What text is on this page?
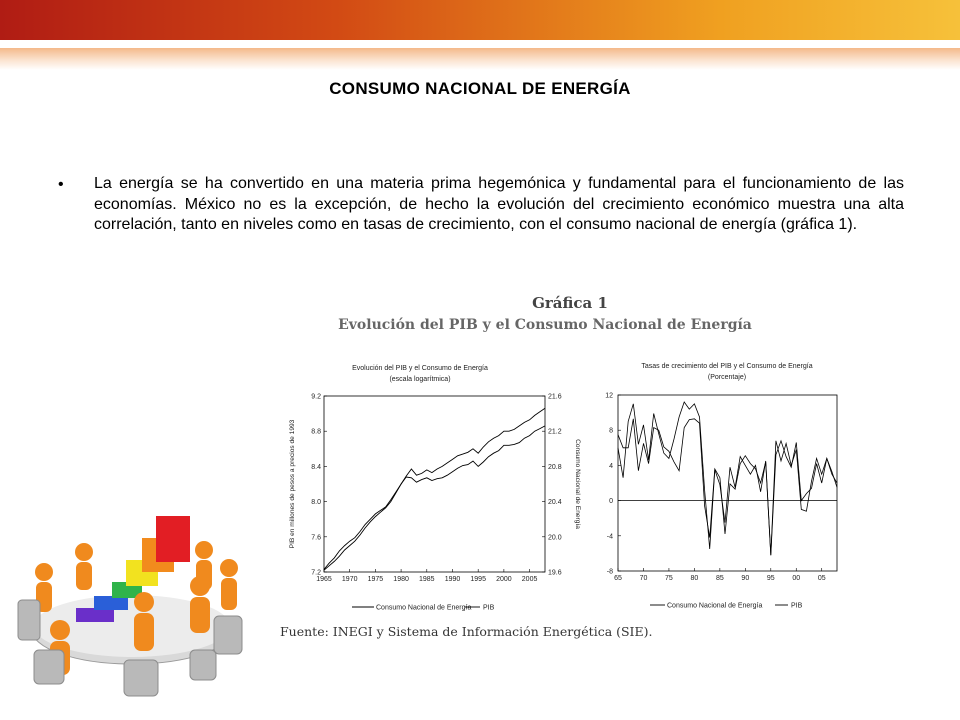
CONSUMO NACIONAL DE ENERGÍA
• La energía se ha convertido en una materia prima hegemónica y fundamental para el funcionamiento de las economías. México no es la excepción, de hecho la evolución del crecimiento económico muestra una alta correlación, tanto en niveles como en tasas de crecimiento, con el consumo nacional de energía (gráfica 1).
Gráfica 1
Evolución del PIB y el Consumo Nacional de Energía
Evolución del PIB y el Consumo de Energía
(escala logarítmica)
1965 1970 1975 1980 1985 1990 1995 2000 2005
7.2
7.6
8.0
8.4
8.8
9.2
19.6
20.0
20.4
20.8
21.2
21.6
PIB en millones de pesos a precios de 1993	Consumo Nacional de Energía
Consumo Nacional de Energía PIB
Tasas de crecimiento del PIB y el Consumo de Energía
(Porcentaje)
65	70	75	80	85	90	95	00	05
-8
-4
0
4
8
12
Consumo Nacional de Energía	PIB
Fuente: INEGI y Sistema de Información Energética (SIE).
